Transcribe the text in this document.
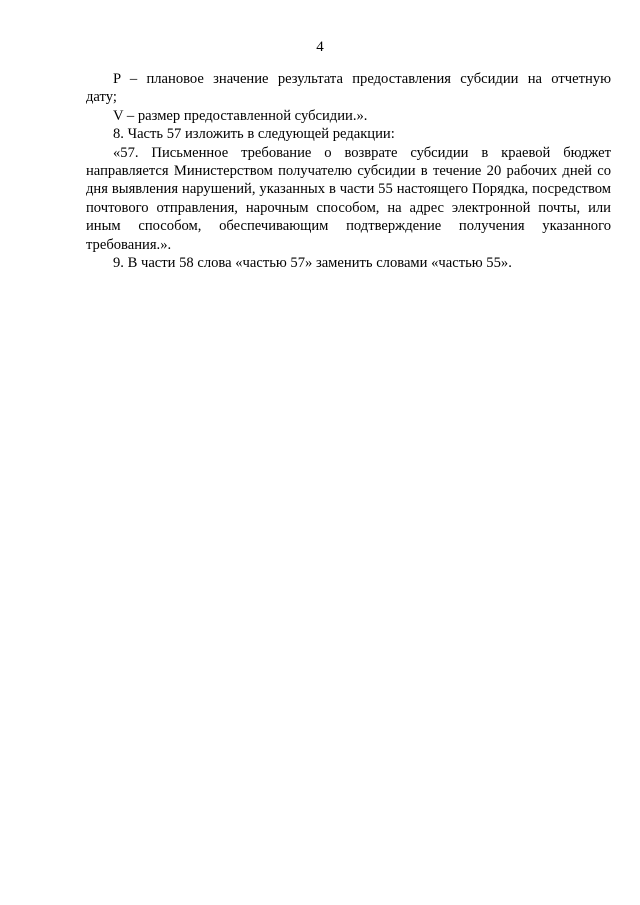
4
P – плановое значение результата предоставления субсидии на отчетную
дату;
V – размер предоставленной субсидии.».
8. Часть 57 изложить в следующей редакции:
«57. Письменное требование о возврате субсидии в краевой бюджет
направляется Министерством получателю субсидии в течение 20 рабочих дней со
дня выявления нарушений, указанных в части 55 настоящего Порядка, посредством
почтового отправления, нарочным способом, на адрес электронной почты, или
иным способом, обеспечивающим подтверждение получения указанного
требования.».
9. В части 58 слова «частью 57» заменить словами «частью 55».
